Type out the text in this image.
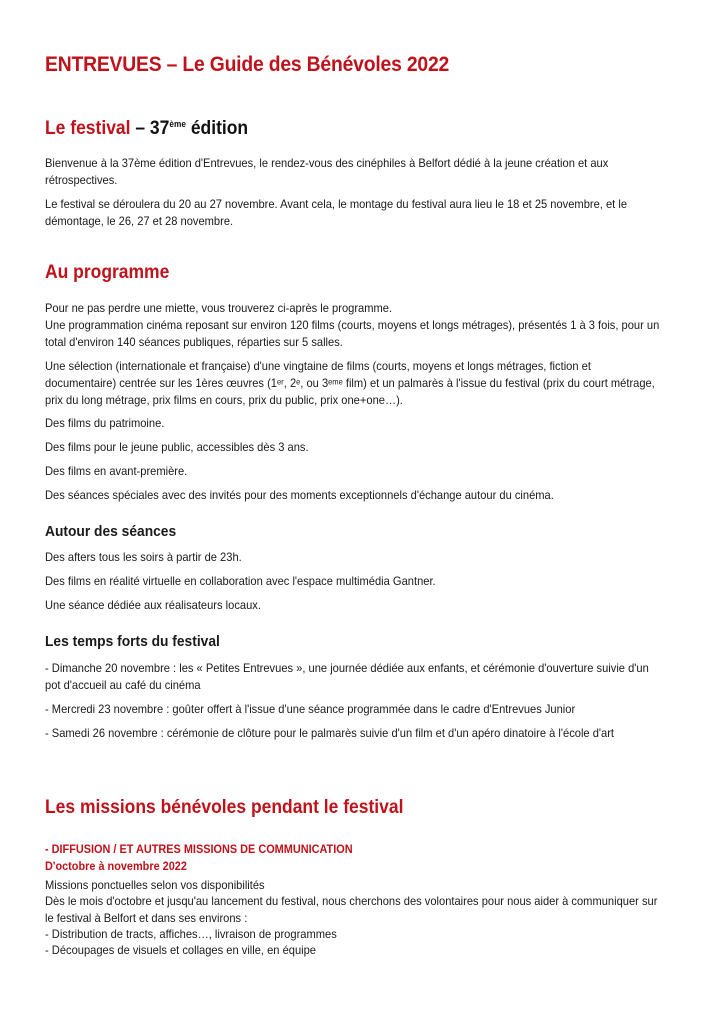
ENTREVUES – Le Guide des Bénévoles 2022
Le festival – 37ème édition
Bienvenue à la 37ème édition d'Entrevues, le rendez-vous des cinéphiles à Belfort dédié à la jeune création et aux rétrospectives.
Le festival se déroulera du 20 au 27 novembre. Avant cela, le montage du festival aura lieu le 18 et 25 novembre, et le démontage, le 26, 27 et 28 novembre.
Au programme
Pour ne pas perdre une miette, vous trouverez ci-après le programme.
Une programmation cinéma reposant sur environ 120 films (courts, moyens et longs métrages), présentés 1 à 3 fois, pour un total d'environ 140 séances publiques, réparties sur 5 salles.
Une sélection (internationale et française) d'une vingtaine de films (courts, moyens et longs métrages, fiction et documentaire) centrée sur les 1ères œuvres (1ᵉʳ, 2ᵉ, ou 3ᵉᵐᵉ film) et un palmarès à l'issue du festival (prix du court métrage, prix du long métrage, prix films en cours, prix du public, prix one+one…).
Des films du patrimoine.
Des films pour le jeune public, accessibles dès 3 ans.
Des films en avant-première.
Des séances spéciales avec des invités pour des moments exceptionnels d'échange autour du cinéma.
Autour des séances
Des afters tous les soirs à partir de 23h.
Des films en réalité virtuelle en collaboration avec l'espace multimédia Gantner.
Une séance dédiée aux réalisateurs locaux.
Les temps forts du festival
- Dimanche 20 novembre : les « Petites Entrevues », une journée dédiée aux enfants, et cérémonie d'ouverture suivie d'un pot d'accueil au café du cinéma
- Mercredi 23 novembre : goûter offert à l'issue d'une séance programmée dans le cadre d'Entrevues Junior
- Samedi 26 novembre : cérémonie de clôture pour le palmarès suivie d'un film et d'un apéro dinatoire à l'école d'art
Les missions bénévoles pendant le festival
- DIFFUSION / ET AUTRES MISSIONS DE COMMUNICATION
D'octobre à novembre 2022
Missions ponctuelles selon vos disponibilités
Dès le mois d'octobre et jusqu'au lancement du festival, nous cherchons des volontaires pour nous aider à communiquer sur le festival à Belfort et dans ses environs :
- Distribution de tracts, affiches…, livraison de programmes
- Découpages de visuels et collages en ville, en équipe
